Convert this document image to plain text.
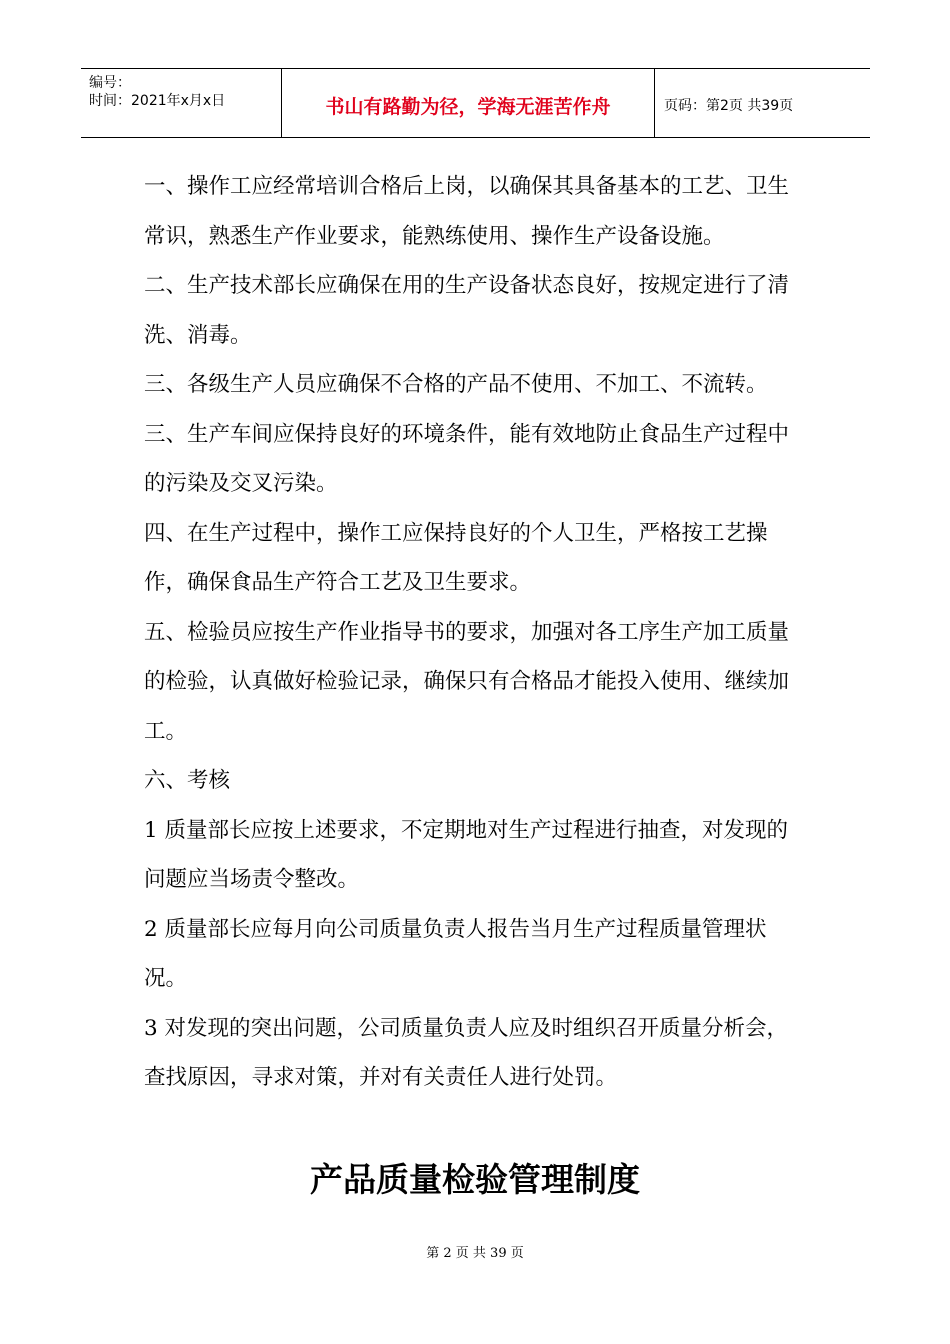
编号：
时间：2021年x月x日	书山有路勤为径，学海无涯苦作舟	页码：第2页 共39页

一、操作工应经常培训合格后上岗，以确保其具备基本的工艺、卫生常识，熟悉生产作业要求，能熟练使用、操作生产设备设施。

二、生产技术部长应确保在用的生产设备状态良好，按规定进行了清洗、消毒。

三、各级生产人员应确保不合格的产品不使用、不加工、不流转。

三、生产车间应保持良好的环境条件，能有效地防止食品生产过程中的污染及交叉污染。

四、在生产过程中，操作工应保持良好的个人卫生，严格按工艺操作，确保食品生产符合工艺及卫生要求。

五、检验员应按生产作业指导书的要求，加强对各工序生产加工质量的检验，认真做好检验记录，确保只有合格品才能投入使用、继续加工。

六、考核

1 质量部长应按上述要求，不定期地对生产过程进行抽查，对发现的问题应当场责令整改。

2 质量部长应每月向公司质量负责人报告当月生产过程质量管理状况。

3 对发现的突出问题，公司质量负责人应及时组织召开质量分析会，查找原因，寻求对策，并对有关责任人进行处罚。

产品质量检验管理制度
第 2 页 共 39 页
